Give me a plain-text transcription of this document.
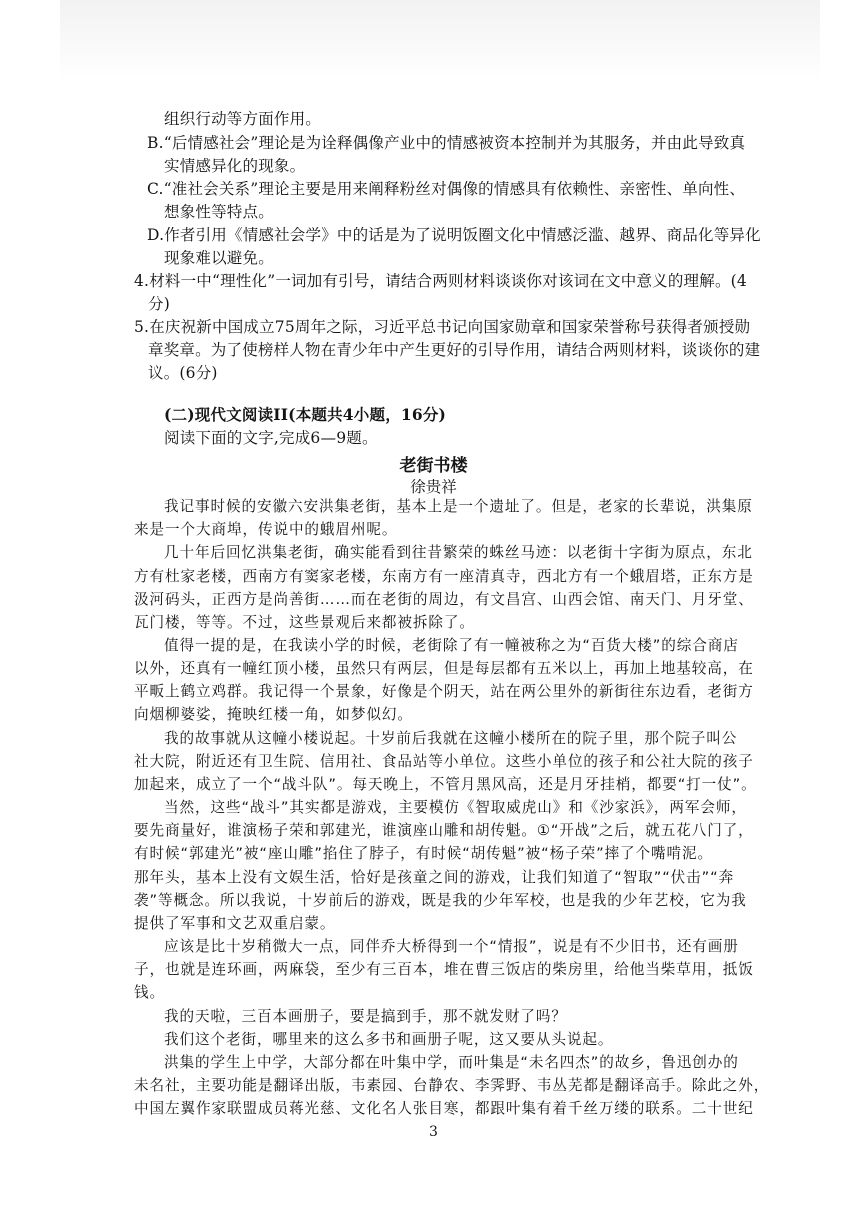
组织行动等方面作用。
B.“后情感社会”理论是为诠释偶像产业中的情感被资本控制并为其服务，并由此导致真
实情感异化的现象。
C.“准社会关系”理论主要是用来阐释粉丝对偶像的情感具有依赖性、亲密性、单向性、
想象性等特点。
D.作者引用《情感社会学》中的话是为了说明饭圈文化中情感泛滥、越界、商品化等异化
现象难以避免。
4.材料一中“理性化”一词加有引号，请结合两则材料谈谈你对该词在文中意义的理解。(4
分)
5.在庆祝新中国成立75周年之际，习近平总书记向国家勋章和国家荣誉称号获得者颁授勋
章奖章。为了使榜样人物在青少年中产生更好的引导作用，请结合两则材料，谈谈你的建
议。(6分)
(二)现代文阅读II(本题共4小题，16分)
阅读下面的文字,完成6—9题。
老街书楼
徐贵祥
我记事时候的安徽六安洪集老街，基本上是一个遗址了。但是，老家的长辈说，洪集原
来是一个大商埠，传说中的蛾眉州呢。
几十年后回忆洪集老街，确实能看到往昔繁荣的蛛丝马迹：以老街十字街为原点，东北
方有杜家老楼，西南方有窦家老楼，东南方有一座清真寺，西北方有一个蛾眉塔，正东方是
汲河码头，正西方是尚善街……而在老街的周边，有文昌宫、山西会馆、南天门、月牙堂、
瓦门楼，等等。不过，这些景观后来都被拆除了。
值得一提的是，在我读小学的时候，老街除了有一幢被称之为“百货大楼”的综合商店
以外，还真有一幢红顶小楼，虽然只有两层，但是每层都有五米以上，再加上地基较高，在
平畈上鹤立鸡群。我记得一个景象，好像是个阴天，站在两公里外的新街往东边看，老街方
向烟柳婆娑，掩映红楼一角，如梦似幻。
我的故事就从这幢小楼说起。十岁前后我就在这幢小楼所在的院子里，那个院子叫公
社大院，附近还有卫生院、信用社、食品站等小单位。这些小单位的孩子和公社大院的孩子
加起来，成立了一个“战斗队”。每天晚上，不管月黑风高，还是月牙挂梢，都要“打一仗”。
当然，这些“战斗”其实都是游戏，主要模仿《智取威虎山》和《沙家浜》，两军会师，
要先商量好，谁演杨子荣和郭建光，谁演座山雕和胡传魁。①“开战”之后，就五花八门了，
有时候“郭建光”被“座山雕”掐住了脖子，有时候“胡传魁”被“杨子荣”摔了个嘴啃泥。
那年头，基本上没有文娱生活，恰好是孩童之间的游戏，让我们知道了“智取”“伏击”“奔
袭”等概念。所以我说，十岁前后的游戏，既是我的少年军校，也是我的少年艺校，它为我
提供了军事和文艺双重启蒙。
应该是比十岁稍微大一点，同伴乔大桥得到一个“情报”，说是有不少旧书，还有画册
子，也就是连环画，两麻袋，至少有三百本，堆在曹三饭店的柴房里，给他当柴草用，抵饭
钱。
我的天啦，三百本画册子，要是搞到手，那不就发财了吗？
我们这个老街，哪里来的这么多书和画册子呢，这又要从头说起。
洪集的学生上中学，大部分都在叶集中学，而叶集是“未名四杰”的故乡，鲁迅创办的
未名社，主要功能是翻译出版，韦素园、台静农、李霁野、韦丛芜都是翻译高手。除此之外，
中国左翼作家联盟成员蒋光慈、文化名人张目寒，都跟叶集有着千丝万缕的联系。二十世纪
3
